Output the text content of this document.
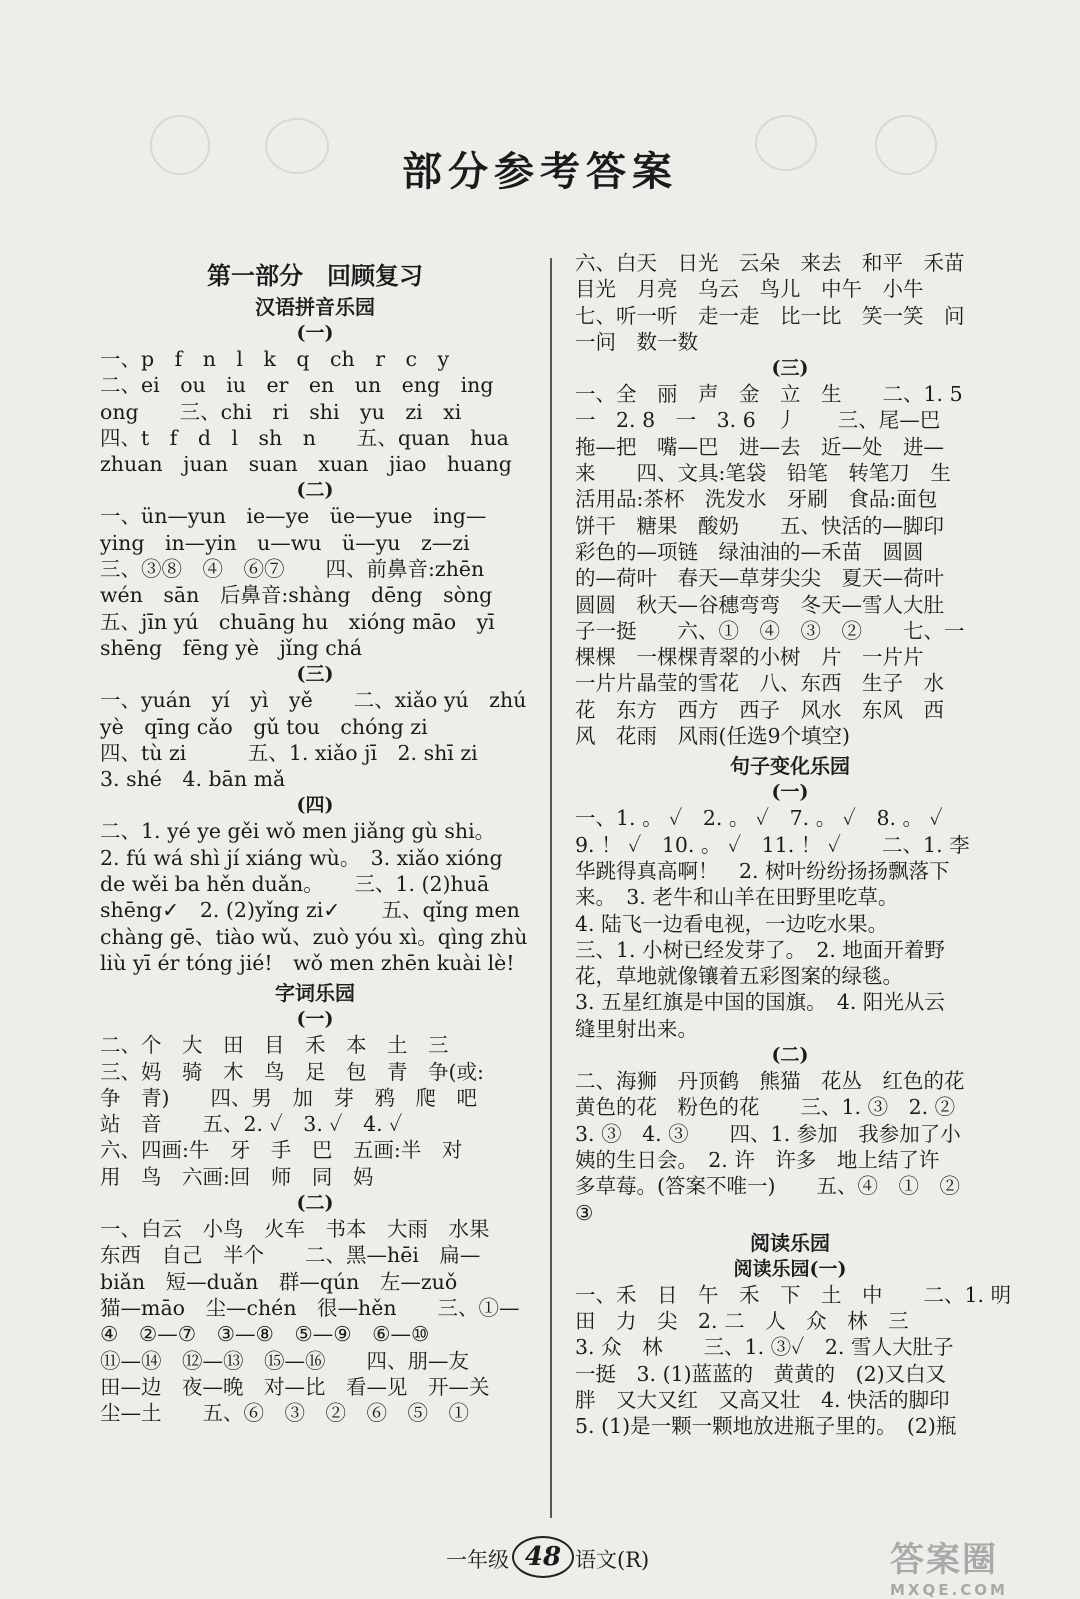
部分参考答案
第一部分　回顾复习
汉语拼音乐园
(一)
一、p　f　n　l　k　q　ch　r　c　y
二、ei　ou　iu　er　en　un　eng　ing
ong　　三、chi　ri　shi　yu　zi　xi
四、t　f　d　l　sh　n　　五、quan　hua
zhuan　juan　suan　xuan　jiao　huang
(二)
一、ün—yun　ie—ye　üe—yue　ing—
ying　in—yin　u—wu　ü—yu　z—zi
三、③⑧　④　⑥⑦　　四、前鼻音:zhēn
wén　sān　后鼻音:shàng　dēng　sòng
五、jīn yú　chuāng hu　xióng māo　yī
shēng　fēng yè　jǐng chá
(三)
一、yuán　yí　yì　yě　　二、xiǎo yú　zhú
yè　qīng cǎo　gǔ tou　chóng zi
四、tù zi　　　五、1. xiǎo jī　2. shī zi
3. shé　4. bān mǎ
(四)
二、1. yé ye gěi wǒ men jiǎng gù shi。
2. fú wá shì jí xiáng wù。　3. xiǎo xióng
de wěi ba hěn duǎn。　　三、1. (2)huā
shēng✓　2. (2)yǐng zi✓　　五、qǐng men
chàng gē、tiào wǔ、zuò yóu xì。qìng zhù
liù yī ér tóng jié!　wǒ men zhēn kuài lè!
字词乐园
(一)
二、个　大　田　目　禾　本　土　三
三、妈　骑　木　鸟　足　包　青　争(或:
争　青)　　四、男　加　芽　鸦　爬　吧
站　音　　五、2. ✓　3. ✓　4. ✓
六、四画:牛　牙　手　巴　五画:半　对
用　鸟　六画:回　师　同　妈
(二)
一、白云　小鸟　火车　书本　大雨　水果
东西　自己　半个　　二、黑—hēi　扁—
biǎn　短—duǎn　群—qún　左—zuǒ
猫—māo　尘—chén　很—hěn　　三、①—
④　②—⑦　③—⑧　⑤—⑨　⑥—⑩
⑪—⑭　⑫—⑬　⑮—⑯　　四、朋—友
田—边　夜—晚　对—比　看—见　开—关
尘—土　　五、⑥　③　②　⑥　⑤　①
六、白天　日光　云朵　来去　和平　禾苗
目光　月亮　乌云　鸟儿　中午　小牛
七、听一听　走一走　比一比　笑一笑　问
一问　数一数
(三)
一、全　丽　声　金　立　生　　二、1. 5
一　2. 8　一　3. 6　丿　　三、尾—巴
拖—把　嘴—巴　进—去　近—处　进—
来　　四、文具:笔袋　铅笔　转笔刀　生
活用品:茶杯　洗发水　牙刷　食品:面包
饼干　糖果　酸奶　　五、快活的—脚印
彩色的—项链　绿油油的—禾苗　圆圆
的—荷叶　春天—草芽尖尖　夏天—荷叶
圆圆　秋天—谷穗弯弯　冬天—雪人大肚
子一挺　　六、①　④　③　②　　七、一
棵棵　一棵棵青翠的小树　片　一片片
一片片晶莹的雪花　八、东西　生子　水
花　东方　西方　西子　风水　东风　西
风　花雨　风雨(任选9个填空)
句子变化乐园
(一)
一、1. 。 ✓　2. 。 ✓　7. 。 ✓　8. 。 ✓
9. ！ ✓　10. 。 ✓　11. ！ ✓　　二、1. 李
华跳得真高啊！　2. 树叶纷纷扬扬飘落下
来。　3. 老牛和山羊在田野里吃草。
4. 陆飞一边看电视，一边吃水果。
三、1. 小树已经发芽了。　2. 地面开着野
花，草地就像镶着五彩图案的绿毯。
3. 五星红旗是中国的国旗。　4. 阳光从云
缝里射出来。
(二)
二、海狮　丹顶鹤　熊猫　花丛　红色的花
黄色的花　粉色的花　　三、1. ③　2. ②
3. ③　4. ③　　四、1. 参加　我参加了小
姨的生日会。　2. 许　许多　地上结了许
多草莓。(答案不唯一)　　五、④　①　②
③
阅读乐园
阅读乐园(一)
一、禾　日　午　禾　下　土　中　　二、1. 明
田　力　尖　2. 二　人　众　林　三
3. 众　林　　三、1. ③✓　2. 雪人大肚子
一挺　3. (1)蓝蓝的　黄黄的　(2)又白又
胖　又大又红　又高又壮　4. 快活的脚印
5. (1)是一颗一颗地放进瓶子里的。　(2)瓶
一年级 48 语文(R)	答案圈
MXQE.COM
